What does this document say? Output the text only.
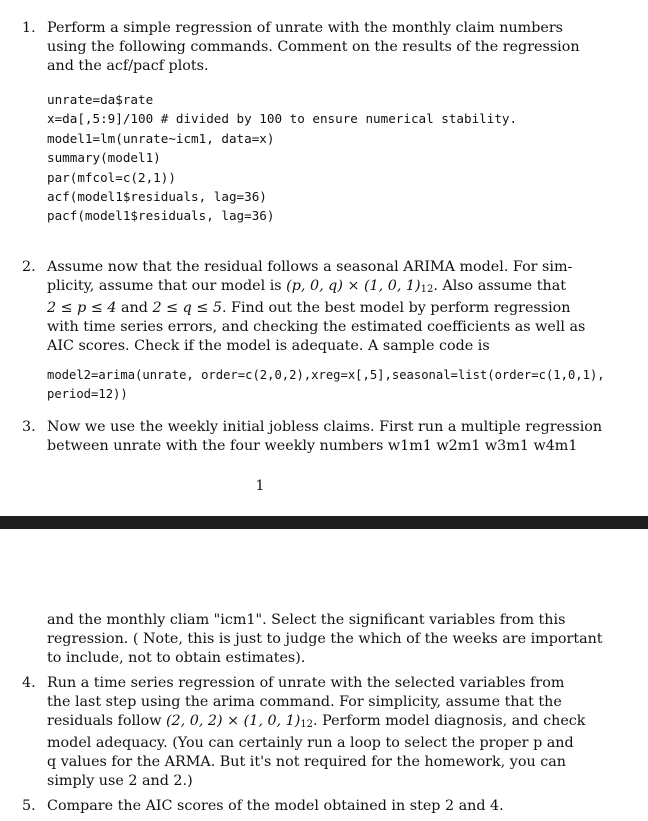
1. Perform a simple regression of unrate with the monthly claim numbers
using the following commands. Comment on the results of the regression
and the acf/pacf plots.
unrate=da$rate
x=da[,5:9]/100 # divided by 100 to ensure numerical stability.
model1=lm(unrate~icm1, data=x)
summary(model1)
par(mfcol=c(2,1))
acf(model1$residuals, lag=36)
pacf(model1$residuals, lag=36)
2. Assume now that the residual follows a seasonal ARIMA model. For sim-
plicity, assume that our model is (p, 0, q) × (1, 0, $1)_{12}$. Also assume that
2 ≤ p ≤ 4 and 2 ≤ q ≤ 5. Find out the best model by perform regression
with time series errors, and checking the estimated coefficients as well as
AIC scores. Check if the model is adequate. A sample code is
model2=arima(unrate, order=c(2,0,2),xreg=x[,5],seasonal=list(order=c(1,0,1),
period=12))
3. Now we use the weekly initial jobless claims. First run a multiple regression
between unrate with the four weekly numbers w1m1 w2m1 w3m1 w4m1
1
and the monthly cliam "icm1". Select the significant variables from this
regression. ( Note, this is just to judge the which of the weeks are important
to include, not to obtain estimates).
4. Run a time series regression of unrate with the selected variables from
the last step using the arima command. For simplicity, assume that the
residuals follow (2, 0, 2) × (1, 0, $1)_{12}$. Perform model diagnosis, and check
model adequacy. (You can certainly run a loop to select the proper p and
q values for the ARMA. But it's not required for the homework, you can
simply use 2 and 2.)
5. Compare the AIC scores of the model obtained in step 2 and 4.
